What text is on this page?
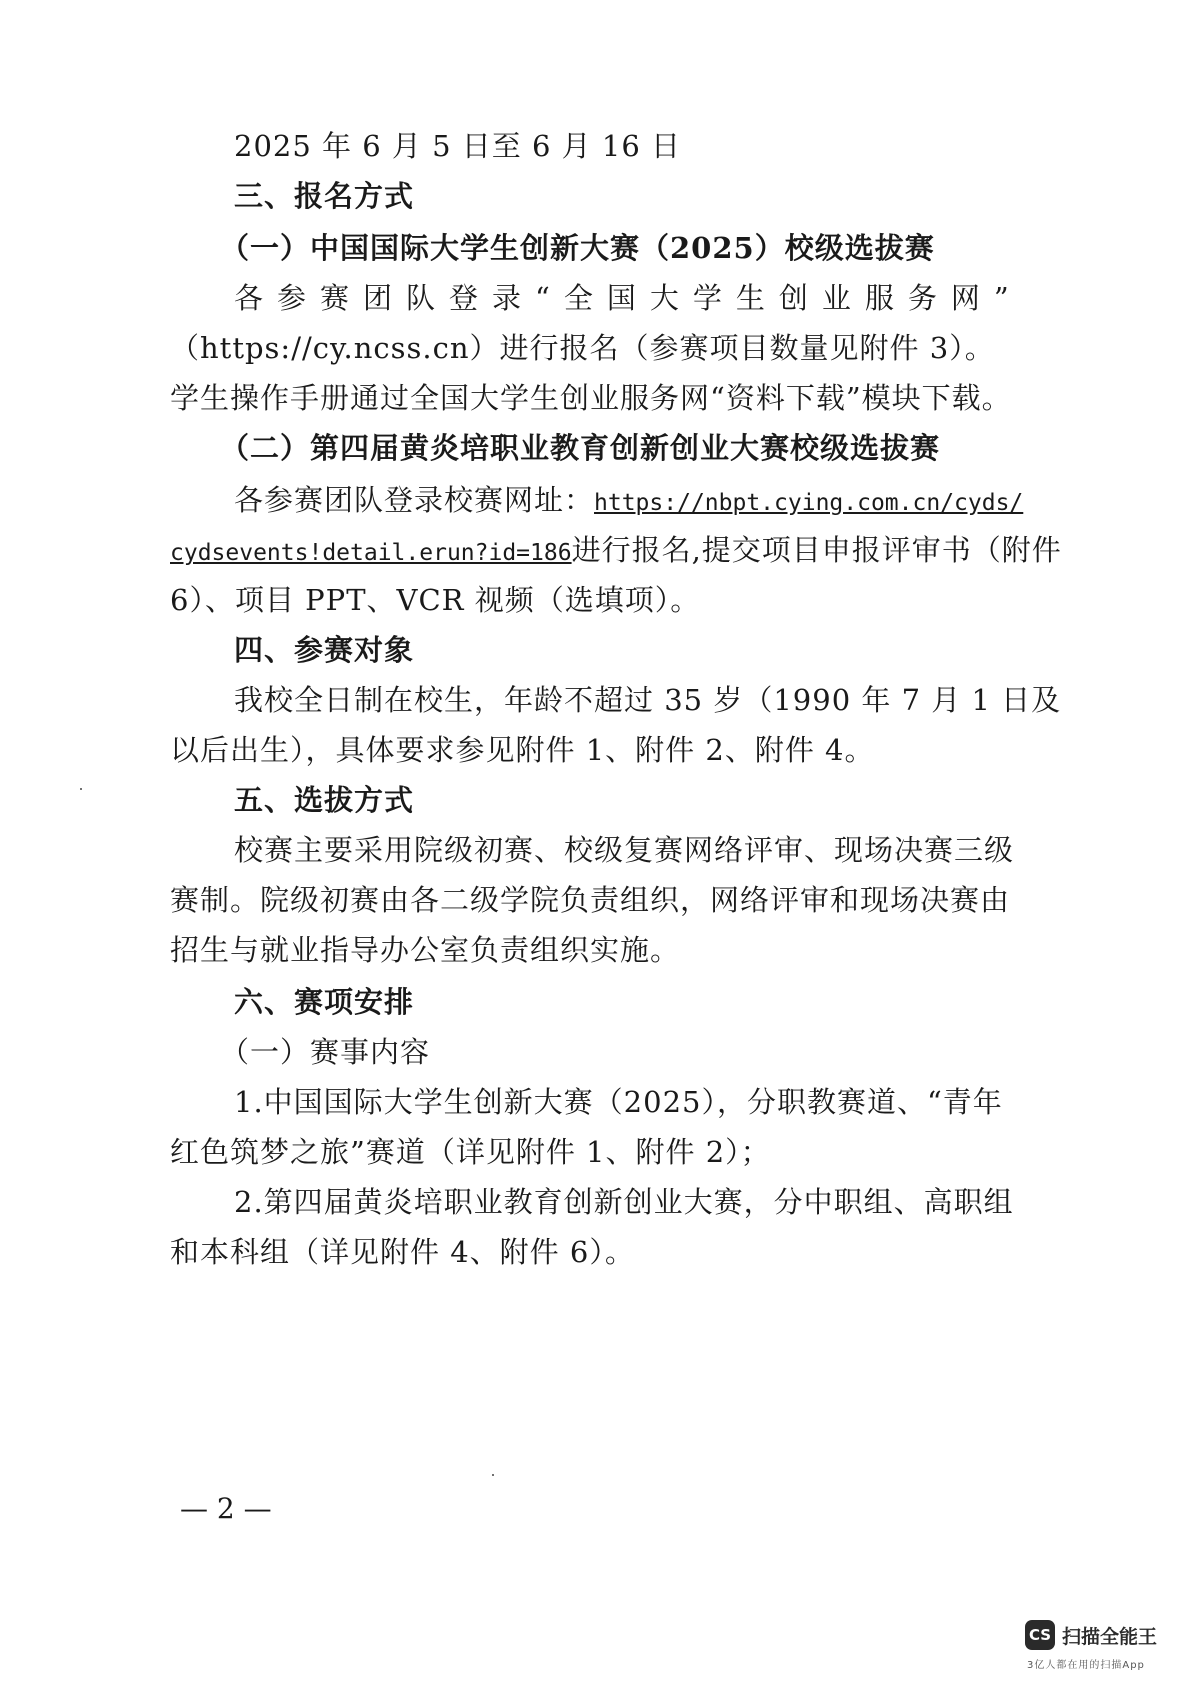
2025 年 6 月 5 日至 6 月 16 日
三、报名方式
（一）中国国际大学生创新大赛（2025）校级选拔赛
各参赛团队登录“全国大学生创业服务网”
（https://cy.ncss.cn）进行报名（参赛项目数量见附件 3）。
学生操作手册通过全国大学生创业服务网“资料下载”模块下载。
（二）第四届黄炎培职业教育创新创业大赛校级选拔赛
各参赛团队登录校赛网址：https://nbpt.cying.com.cn/cyds/
cydsevents!detail.erun?id=186进行报名,提交项目申报评审书（附件
6）、项目 PPT、VCR 视频（选填项）。
四、参赛对象
我校全日制在校生，年龄不超过 35 岁（1990 年 7 月 1 日及
以后出生），具体要求参见附件 1、附件 2、附件 4。
五、选拔方式
校赛主要采用院级初赛、校级复赛网络评审、现场决赛三级
赛制。院级初赛由各二级学院负责组织，网络评审和现场决赛由
招生与就业指导办公室负责组织实施。
六、赛项安排
（一）赛事内容
1.中国国际大学生创新大赛（2025），分职教赛道、“青年
红色筑梦之旅”赛道（详见附件 1、附件 2）；
2.第四届黄炎培职业教育创新创业大赛，分中职组、高职组
和本科组（详见附件 4、附件 6）。
— 2 —
CS 扫描全能王
3亿人都在用的扫描App
